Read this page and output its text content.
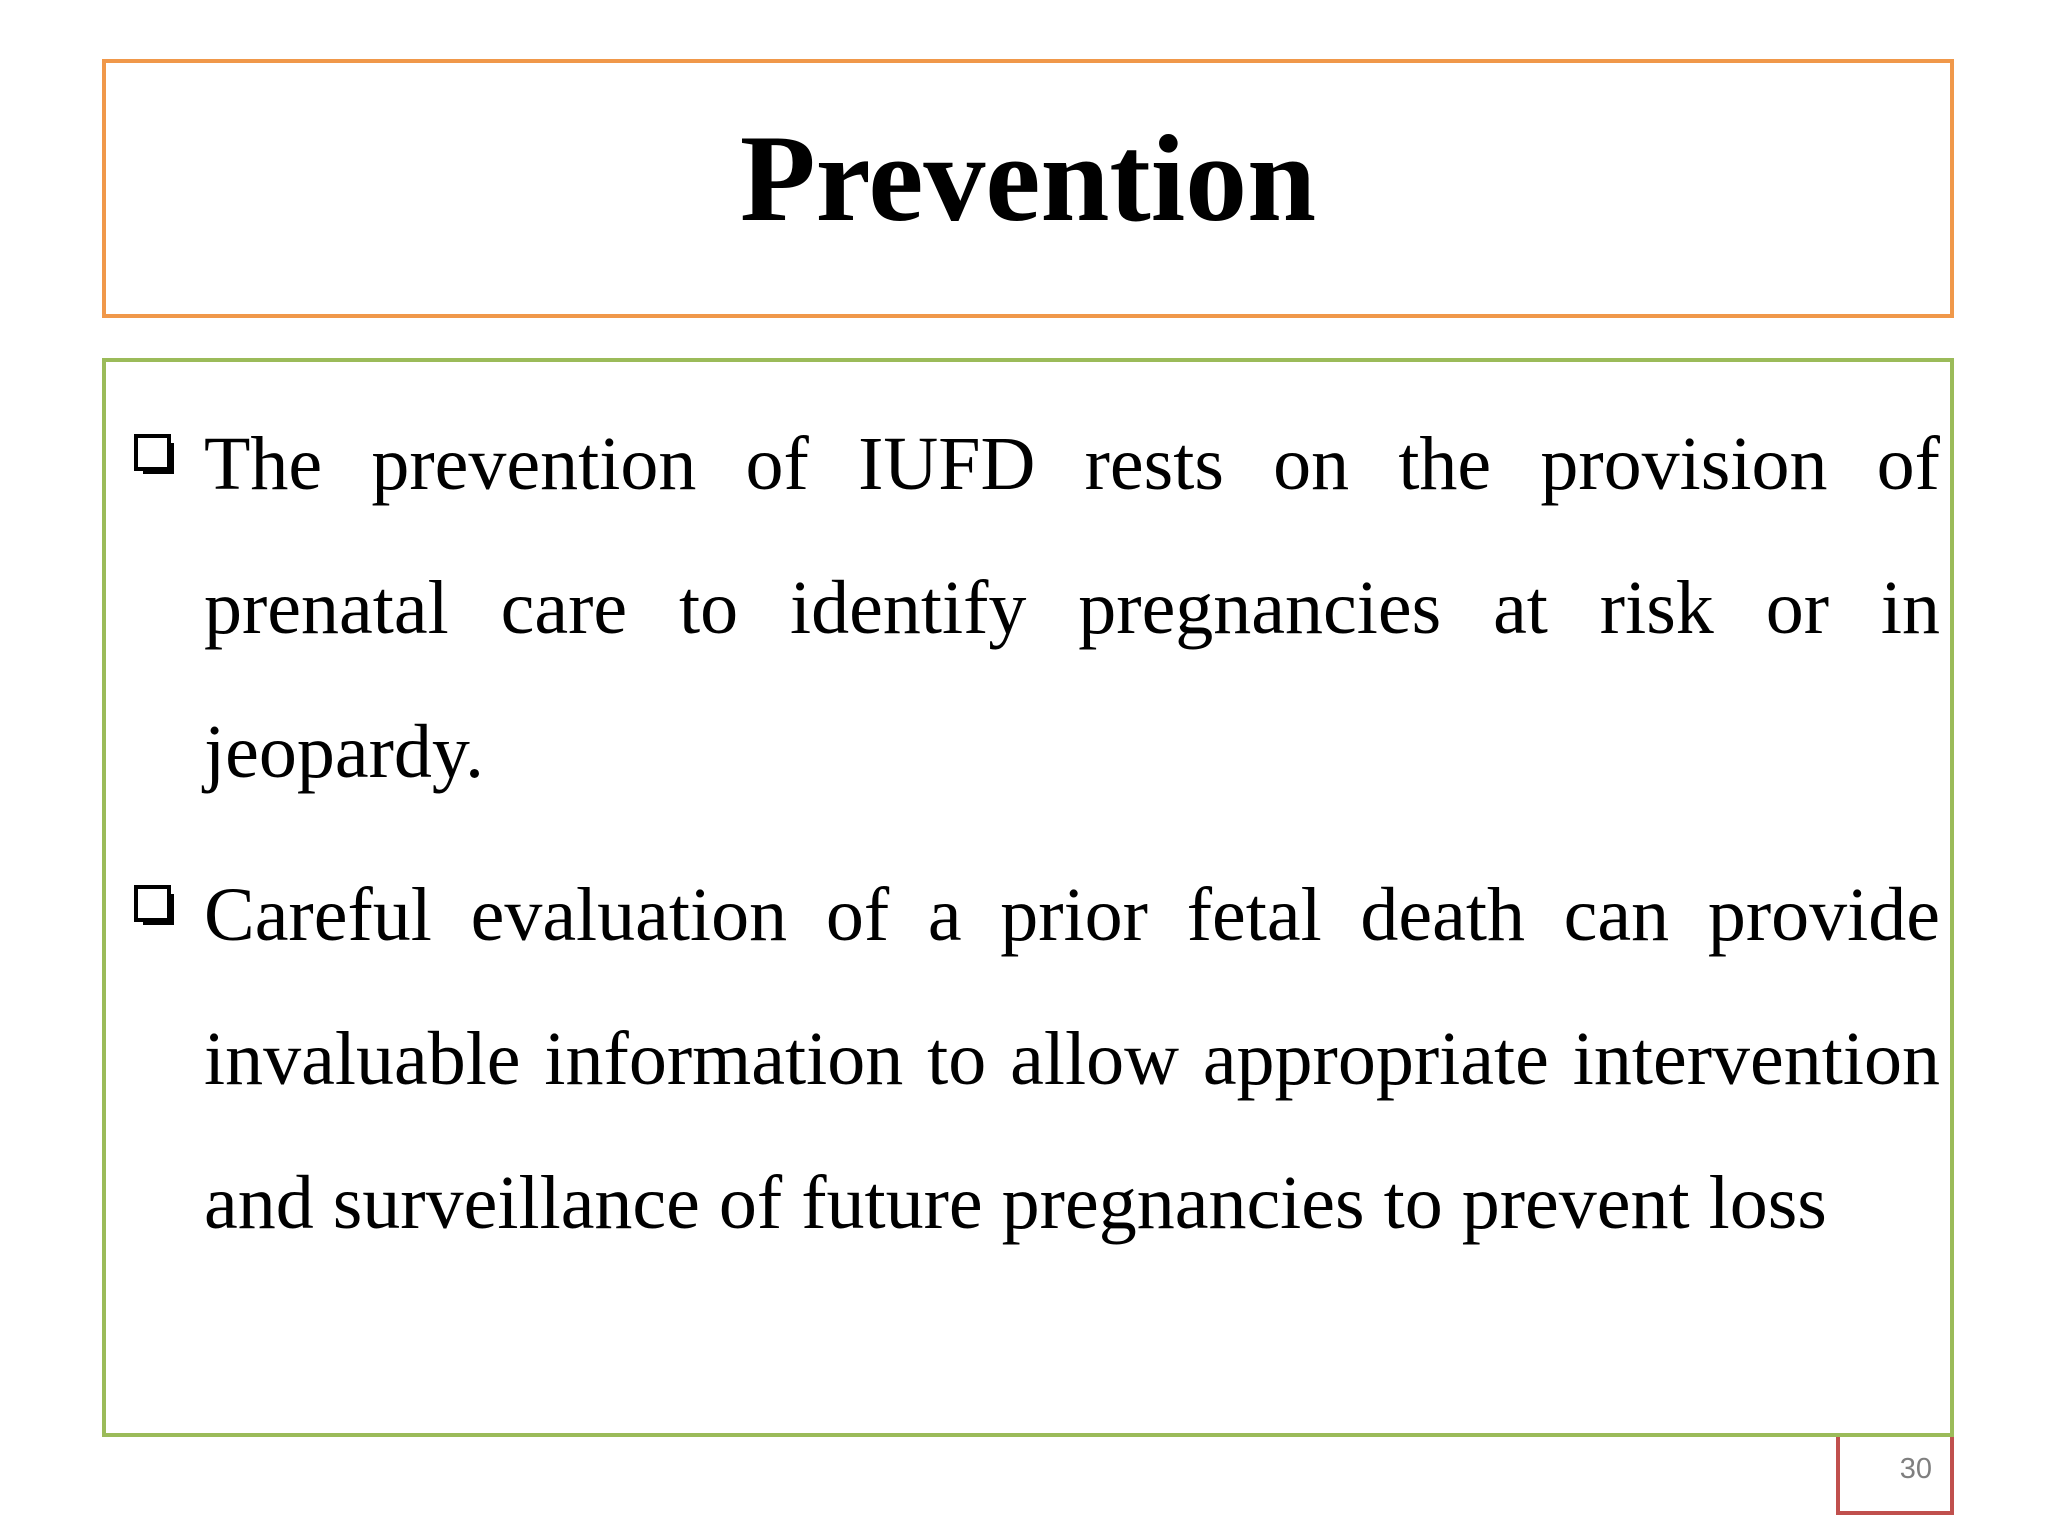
Prevention

The prevention of IUFD rests on the provision of prenatal care to identify pregnancies at risk or in jeopardy.

Careful evaluation of a prior fetal death can provide invaluable information to allow appropriate intervention and surveillance of future pregnancies to prevent loss

30
